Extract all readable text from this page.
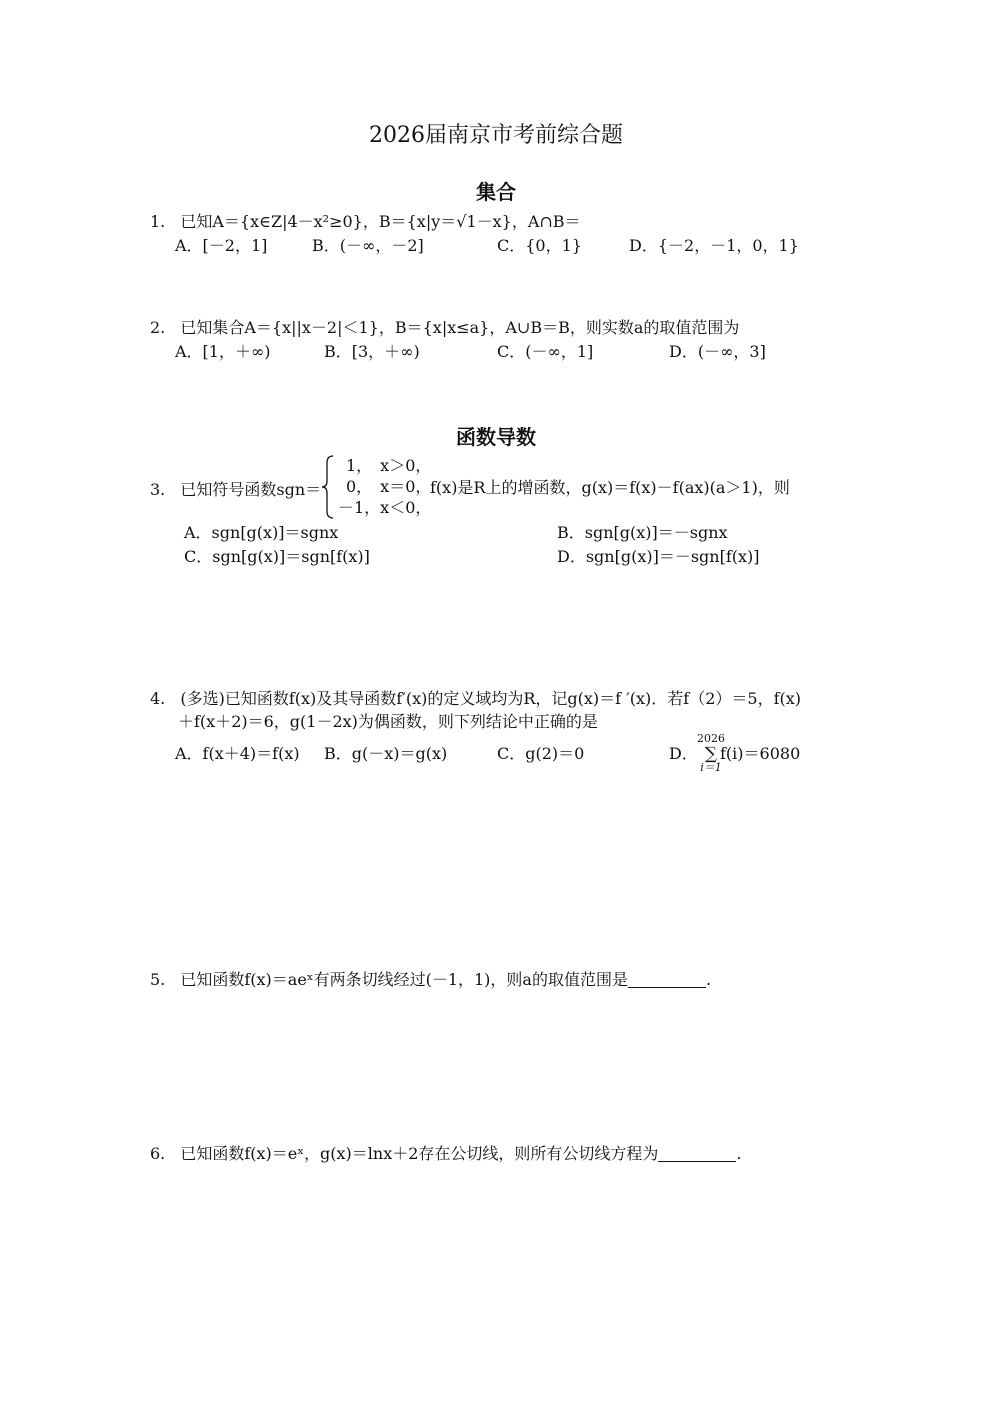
2026届南京市考前综合题
集合
1. 已知A＝{x∈Z|4－x²≥0}，B＝{x|y＝√1－x}，A∩B＝
A．[－2，1]	B．(－∞，－2]	C．{0，1}	D．{－2，－1，0，1}
2. 已知集合A＝{x||x－2|＜1}，B＝{x|x≤a}，A∪B＝B，则实数a的取值范围为
A．[1，＋∞)	B．[3，＋∞)	C．(－∞，1]	D．(－∞，3]
函数导数
3. 已知符号函数sgn＝
1，　x＞0，
0，　x＝0，
－1，x＜0，
f(x)是R上的增函数，g(x)＝f(x)－f(ax)(a＞1)，则
A．sgn[g(x)]＝sgnx	B．sgn[g(x)]＝－sgnx
C．sgn[g(x)]＝sgn[f(x)]	D．sgn[g(x)]＝－sgn[f(x)]
4. (多选)已知函数f(x)及其导函数f′(x)的定义域均为R，记g(x)＝f ′(x)．若f（2）＝5，f(x)
＋f(x＋2)＝6，g(1－2x)为偶函数，则下列结论中正确的是
A．f(x＋4)＝f(x) B．g(－x)＝g(x)	C．g(2)＝0	D．
2026
∑
i＝1
f(i)＝6080
5. 已知函数f(x)＝aeˣ有两条切线经过(－1，1)，则a的取值范围是	.
6. 已知函数f(x)＝eˣ，g(x)＝lnx＋2存在公切线，则所有公切线方程为	.
